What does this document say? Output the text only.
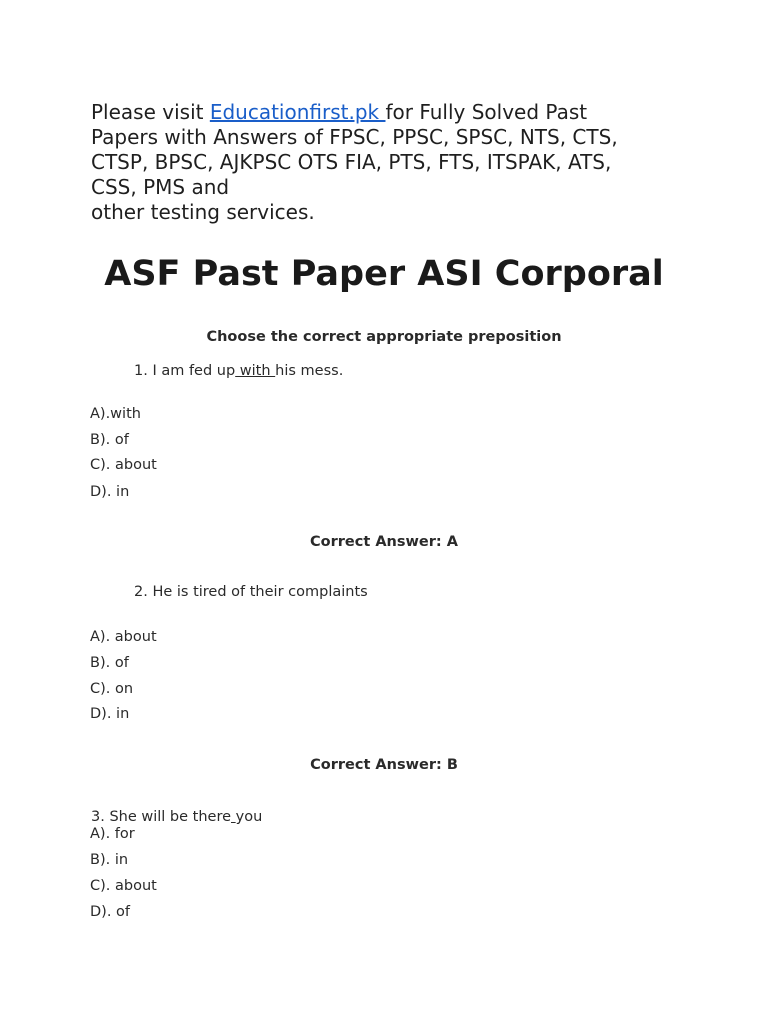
Please visit Educationfirst.pk for Fully Solved Past
Papers with Answers of FPSC, PPSC, SPSC, NTS, CTS,
CTSP, BPSC, AJKPSC OTS FIA, PTS, FTS, ITSPAK, ATS,
CSS, PMS and
other testing services.
ASF Past Paper ASI Corporal
Choose the correct appropriate preposition
1. I am fed up with his mess.
A).with
B). of
C). about
D). in
Correct Answer: A
2. He is tired of their complaints
A). about
B). of
C). on
D). in
Correct Answer: B
3. She will be there you
A). for
B). in
C). about
D). of
